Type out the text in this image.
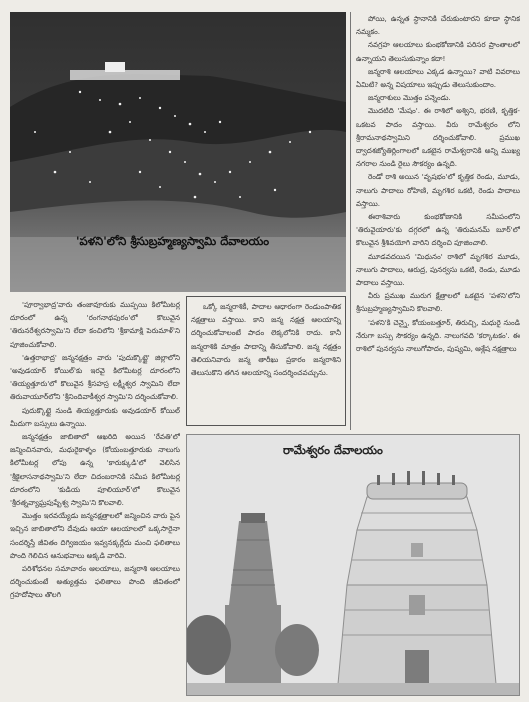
'పళని'లోని శ్రీసుబ్రహ్మణ్యస్వామి దేవాలయం

పోయి, ఉన్నత స్థానానికి చేరుకుంటారని కూడా స్థానిక నమ్మకం.

నవగ్రహ ఆలయాలు కుంభకోణానికి పరిసర ప్రాంతాలలో ఉన్నాయని తెలుసుకున్నాం కదా!

జన్మరాశి ఆలయాలు ఎక్కడ ఉన్నాయి? వాటి వివరాలు ఏమిటి? అన్న విషయాలు ఇప్పుడు తెలుసుకుందాం.

జన్మరాశులు మొత్తం పన్నెండు.

మొదటిది 'మేషం'. ఈ రాశిలో అశ్విని, భరణి, కృత్తిక-ఒకటవ పాదం వస్తాయి. వీరు రామేశ్వరం లోని శ్రీరామనాథస్వామిని దర్శించుకోవాలి. ప్రముఖ ద్వాదశజ్యోతిర్లింగాలలో ఒకటైన రామేశ్వరానికి అన్ని ముఖ్య నగరాల నుండి రైలు సౌకర్యం ఉన్నది.

రెండో రాశి అయిన 'వృషభం'లో కృత్తిక రెండు, మూడు, నాలుగు పాదాలు రోహిణి, మృగశిర ఒకటి, రెండు పాదాలు వస్తాయి.

ఈరాశివారు కుంభకోణానికి సమీపంలోని 'తిరువైయారు'కు దగ్గరలో ఉన్న 'తిరుమనమ్ బూర్'లో కొలువైన శ్రీశివయోగి వారిని దర్శించి పూజించాలి.

మూడవదయిన 'మిధునం' రాశిలో మృగశిర మూడు, నాలుగు పాదాలు, ఆరుద్ర, పునర్వసు ఒకటి, రెండు, మూడు పాదాలు వస్తాయి.

వీరు ప్రముఖ మురుగ క్షేత్రాలలో ఒకటైన 'పళని'లోని శ్రీసుబ్రహ్మణ్యస్వామిని కొలవాలి.

'పళని'కి చెన్నై, కోయంబత్తూర్, తిరుచ్చి, మధురై నుండి నేరుగా బస్సు సౌకర్యం ఉన్నది. నాలుగవది 'కర్కాటకం'. ఈ రాశిలో పునర్వసు నాలుగోపాదం, పుష్యమి, ఆశ్లేష నక్షత్రాలు

'పూర్వాభాద్ర'వారు తంజావూరుకు ముప్పయి కిలోమీటర్ల దూరంలో ఉన్న 'రంగనాథపురం'లో కొలువైన 'తిరునరేశ్వరస్వామి'ని లేదా కంచిలోని 'శ్రీకామాక్షి పెరుమాళ్'ని పూజించుకోవాలి.

'ఉత్తరాభాద్ర' జన్మనక్షత్రం వారు 'పుదుక్కొట్టై' జిల్లాలోని 'అవుడయార్ కోయిల్'కు ఇరవై కిలోమీటర్ల దూరంలోని 'తియ్యత్తూరు'లో కొలువైన శ్రీసహస్ర లక్ష్మీశ్వర స్వామిని లేదా తిరువాయూర్‌లోని 'శ్రీనిందివాకీశ్వర స్వామి'ని దర్శించుకోవాలి.

పుదుక్కొట్టై నుండి తియ్యత్తూరుకు అవుడయార్ కోయిల్ మీదుగా బస్సులు ఉన్నాయి.

జన్మనక్షత్రం జాబితాలో ఆఖరిది అయిన 'రేవతి'లో జన్మించినవారు, మధురైకాళ్ళం (కోయంబత్తూరుకు నాలుగు కిలోమీటర్ల లోపు ఉన్న 'కారుక్కుడి'లో వెలిసిన 'శ్రీకైలాసనాథస్వామి'ని లేదా చిదంబరానికి సమీప కిలోమీటర్ల దూరంలోని 'కుడియ పూలియూర్'లో కొలువైన 'శ్రీరత్నవ్యాఘ్రపుష్పేశ్వ స్వామి'ని కొలవాలి.

మొత్తం ఇరవయ్యేడు జన్మనక్షత్రాలలో జన్మించిన వారు పైన ఇచ్చిన జాబితాలోని దేవుడు ఆయా ఆలయాలలో ఒక్కసారైనా సందర్శిస్తే జీవితం దిగ్విజయం ఇవ్వనక్కర్లేదు మంచి ఫలితాలు పొంది గెలిచిన ఆనుభవాలు అక్కడి వారివి.

పరిశోధనల సమాచారం ఆలయాలు, జన్మరాశి ఆలయాలు దర్శించుకుంటే అత్యుత్తమ ఫలితాలు పొంది జీవితంలో గ్రహదోషాలు తొలగి

ఒక్కో జన్మరాశికీ, పాదాల ఆధారంగా రెండుంపాతిక నక్షత్రాలు వస్తాయి. కాని జన్మ నక్షత్ర ఆలయాన్ని దర్శించుకోవాలంటే పాదం లెక్కలోనికి రాదు. కానీ జన్మరాశికి మాత్రం పాదాన్ని తీసుకోవాలి. జన్మ నక్షత్రం తెలియనివారు జన్మ తారీఖు ప్రకారం జన్మరాశిని తెలుసుకొని తగిన ఆలయాన్ని సందర్శించవచ్చును.

రామేశ్వరం దేవాలయం
